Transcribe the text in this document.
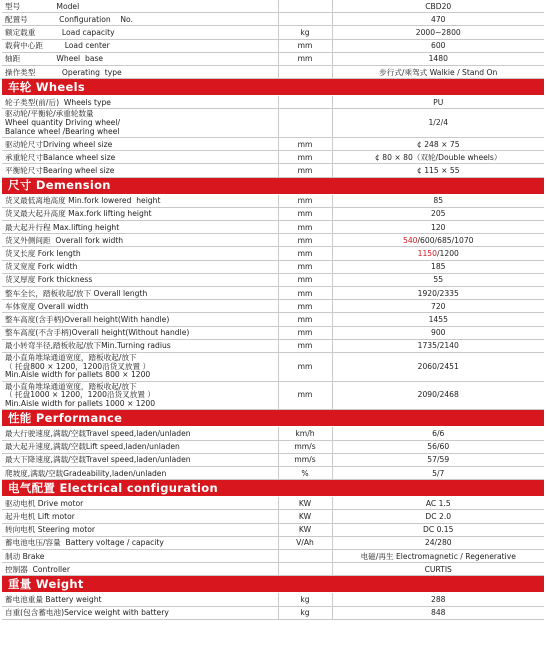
型号               Model		CBD20
配置号             Configuration    No.		470
额定载重           Load capacity	kg	2000~2800
载荷中心距         Load center	mm	600
轴距               Wheel  base	mm	1480
操作类型           Operating  type		步行式/乘驾式 Walkie / Stand On
车轮 Wheels		
轮子类型(前/后)  Wheels type		PU
驱动轮/平衡轮/承重轮数量
Wheel quantity Driving wheel/
Balance wheel /Bearing wheel		1/2/4
驱动轮尺寸Driving wheel size	mm	¢ 248 × 75
承重轮尺寸Balance wheel size	mm	¢ 80 × 80（双轮/Double wheels）
平衡轮尺寸Bearing wheel size	mm	¢ 115 × 55
尺寸 Demension		
货叉最低离地高度 Min.fork lowered  height	mm	85
货叉最大起升高度 Max.fork lifting height	mm	205
最大起升行程 Max.lifting height	mm	120
货叉外侧间距  Overall fork width	mm	540/600/685/1070
货叉长度 Fork length	mm	1150/1200
货叉宽度 Fork width	mm	185
货叉厚度 Fork thickness	mm	55
整车全长，踏板收起/放下 Overall length	mm	1920/2335
车体宽度 Overall width	mm	720
整车高度(含手柄)Overall height(With handle)	mm	1455
整车高度(不含手柄)Overall height(Without handle)	mm	900
最小转弯半径,踏板收起/放下Min.Turning radius	mm	1735/2140
最小直角堆垛通道宽度，踏板收起/放下
（ 托盘800 × 1200，1200沿货叉放置 ）
Min.Aisle width for pallets 800 × 1200	mm	2060/2451
最小直角堆垛通道宽度，踏板收起/放下
（ 托盘1000 × 1200，1200沿货叉放置 ）
Min.Aisle width for pallets 1000 × 1200	mm	2090/2468
性能 Performance		
最大行驶速度,满载/空载Travel speed,laden/unladen	km/h	6/6
最大起升速度,满载/空载Lift speed,laden/unladen	mm/s	56/60
最大下降速度,满载/空载Travel speed,laden/unladen	mm/s	57/59
爬坡度,满载/空载Gradeability,laden/unladen	%	5/7
电气配置 Electrical configuration		
驱动电机 Drive motor	KW	AC 1.5
起升电机 Lift motor	KW	DC 2.0
转向电机 Steering motor	KW	DC 0.15
蓄电池电压/容量  Battery voltage / capacity	V/Ah	24/280
制动 Brake		电磁/再生 Electromagnetic / Regenerative
控制器  Controller		CURTIS
重量 Weight		
蓄电池重量 Battery weight	kg	288
自重(包含蓄电池)Service weight with battery	kg	848
